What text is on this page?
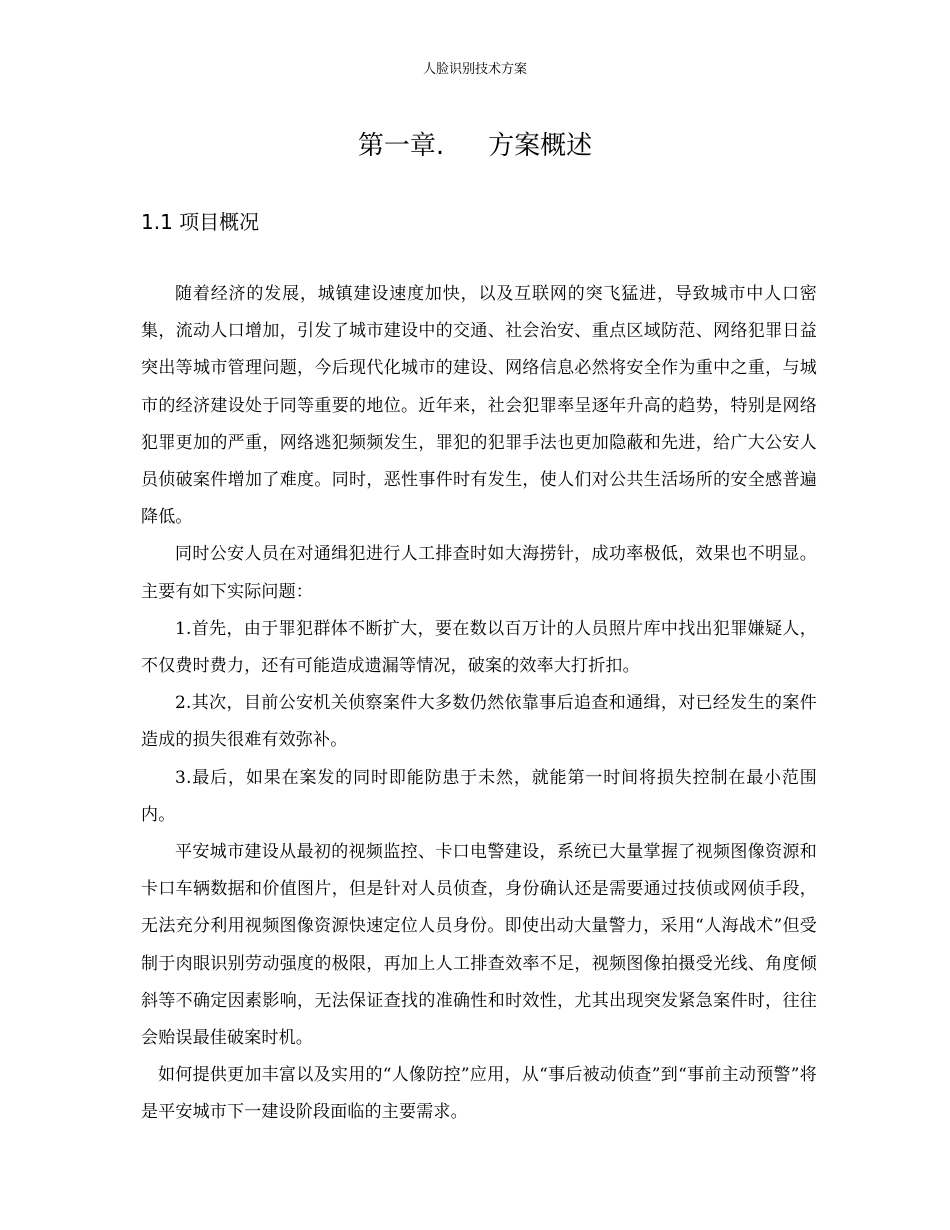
人脸识别技术方案
第一章. 方案概述
1.1 项目概况

随着经济的发展，城镇建设速度加快，以及互联网的突飞猛进，导致城市中人口密集，流动人口增加，引发了城市建设中的交通、社会治安、重点区域防范、网络犯罪日益突出等城市管理问题，今后现代化城市的建设、网络信息必然将安全作为重中之重，与城市的经济建设处于同等重要的地位。近年来，社会犯罪率呈逐年升高的趋势，特别是网络犯罪更加的严重，网络逃犯频频发生，罪犯的犯罪手法也更加隐蔽和先进，给广大公安人员侦破案件增加了难度。同时，恶性事件时有发生，使人们对公共生活场所的安全感普遍降低。

同时公安人员在对通缉犯进行人工排查时如大海捞针，成功率极低，效果也不明显。主要有如下实际问题：

1.首先，由于罪犯群体不断扩大，要在数以百万计的人员照片库中找出犯罪嫌疑人，不仅费时费力，还有可能造成遗漏等情况，破案的效率大打折扣。

2.其次，目前公安机关侦察案件大多数仍然依靠事后追查和通缉，对已经发生的案件造成的损失很难有效弥补。

3.最后，如果在案发的同时即能防患于未然，就能第一时间将损失控制在最小范围内。

平安城市建设从最初的视频监控、卡口电警建设，系统已大量掌握了视频图像资源和卡口车辆数据和价值图片，但是针对人员侦查，身份确认还是需要通过技侦或网侦手段，无法充分利用视频图像资源快速定位人员身份。即使出动大量警力，采用“人海战术”但受制于肉眼识别劳动强度的极限，再加上人工排查效率不足，视频图像拍摄受光线、角度倾斜等不确定因素影响，无法保证查找的准确性和时效性，尤其出现突发紧急案件时，往往会贻误最佳破案时机。

如何提供更加丰富以及实用的“人像防控”应用，从“事后被动侦查”到“事前主动预警”将是平安城市下一建设阶段面临的主要需求。
